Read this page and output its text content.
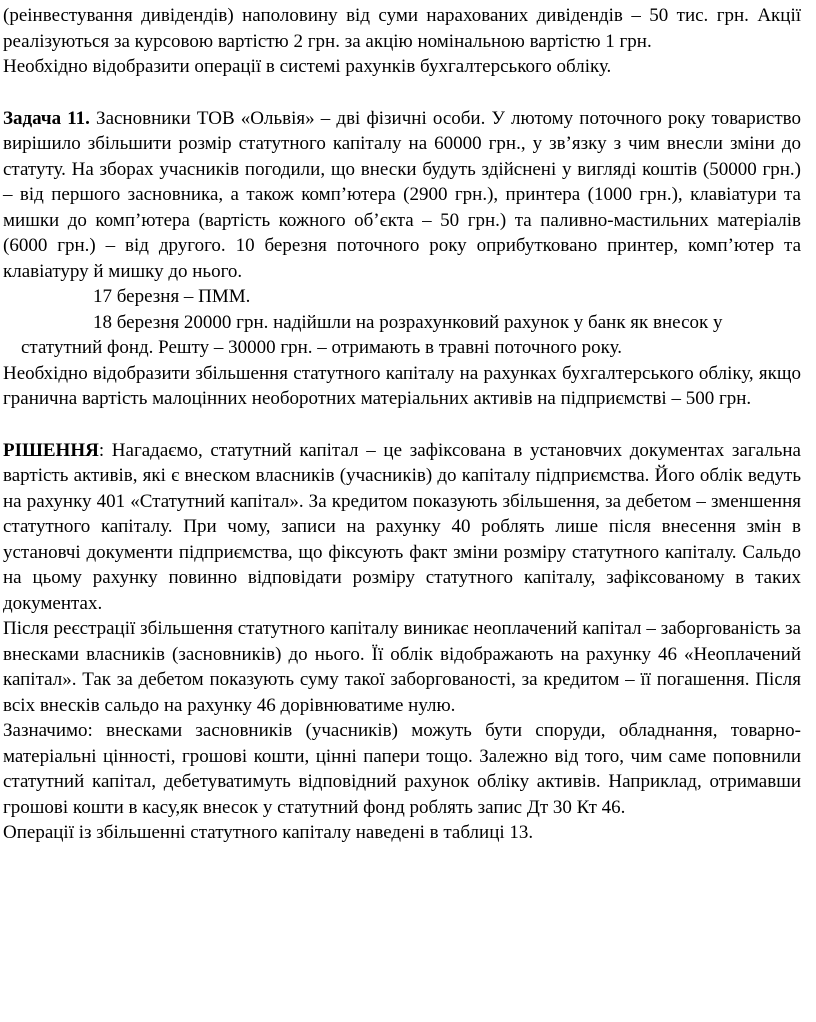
(реінвестування дивідендів) наполовину від суми нарахованих дивідендів – 50 тис. грн. Акції реалізуються за курсовою вартістю 2 грн. за акцію номінальною вартістю 1 грн.

Необхідно відобразити операції в системі рахунків бухгалтерського обліку.

Задача 11. Засновники ТОВ «Ольвія» – дві фізичні особи. У лютому поточного року товариство вирішило збільшити розмір статутного капіталу на 60000 грн., у зв’язку з чим внесли зміни до статуту. На зборах учасників погодили, що внески будуть здійснені у вигляді коштів (50000 грн.) – від першого засновника, а також комп’ютера (2900 грн.), принтера (1000 грн.), клавіатури та мишки до комп’ютера (вартість кожного об’єкта – 50 грн.) та паливно-мастильних матеріалів (6000 грн.) – від другого. 10 березня поточного року оприбутковано принтер, комп’ютер та клавіатуру й мишку до нього.

17 березня – ПММ.

18 березня 20000 грн. надійшли на розрахунковий рахунок у банк як внесок у статутний фонд. Решту – 30000 грн. – отримають в травні поточного року.

Необхідно відобразити збільшення статутного капіталу на рахунках бухгалтерського обліку, якщо гранична вартість малоцінних необоротних матеріальних активів на підприємстві – 500 грн.

РІШЕННЯ: Нагадаємо, статутний капітал – це зафіксована в установчих документах загальна вартість активів, які є внеском власників (учасників) до капіталу підприємства. Його облік ведуть на рахунку 401 «Статутний капітал». За кредитом показують збільшення, за дебетом – зменшення статутного капіталу. При чому, записи на рахунку 40 роблять лише після внесення змін в установчі документи підприємства, що фіксують факт зміни розміру статутного капіталу. Сальдо на цьому рахунку повинно відповідати розміру статутного капіталу, зафіксованому в таких документах.

Після реєстрації збільшення статутного капіталу виникає неоплачений капітал – заборгованість за внесками власників (засновників) до нього. Її облік відображають на рахунку 46 «Неоплачений капітал». Так за дебетом показують суму такої заборгованості, за кредитом – її погашення. Після всіх внесків сальдо на рахунку 46 дорівнюватиме нулю.

Зазначимо: внесками засновників (учасників) можуть бути споруди, обладнання, товарно-матеріальні цінності, грошові кошти, цінні папери тощо. Залежно від того, чим саме поповнили статутний капітал, дебетуватимуть відповідний рахунок обліку активів. Наприклад, отримавши грошові кошти в касу,як внесок у статутний фонд роблять запис Дт 30 Кт 46.

Операції із збільшенні статутного капіталу наведені в таблиці 13.
